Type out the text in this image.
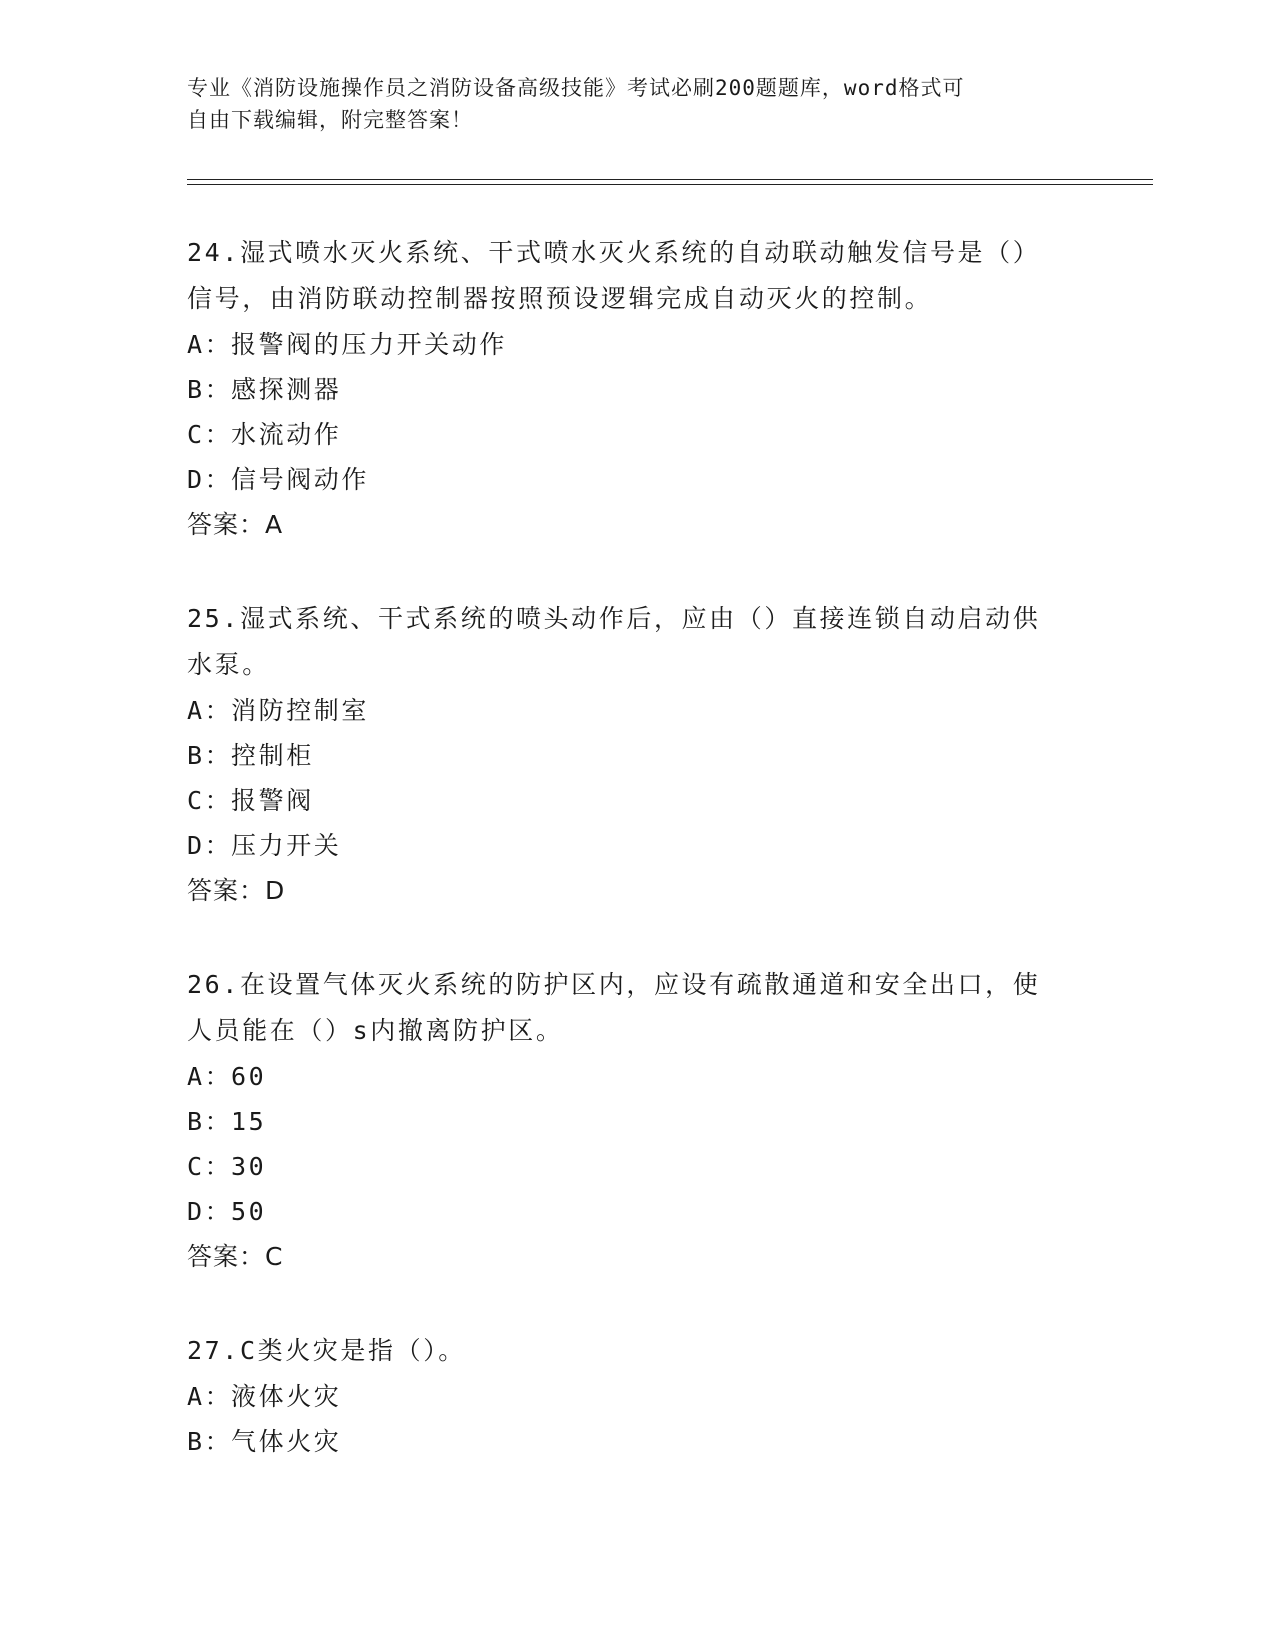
专业《消防设施操作员之消防设备高级技能》考试必刷200题题库，word格式可
自由下载编辑，附完整答案！

24.湿式喷水灭火系统、干式喷水灭火系统的自动联动触发信号是（）
信号，由消防联动控制器按照预设逻辑完成自动灭火的控制。

A：
报警阀的压力开关动作
B：
感探测器
C：
水流动作
D：
信号阀动作

答案：A

25.湿式系统、干式系统的喷头动作后，应由（）直接连锁自动启动供
水泵。

A：
消防控制室
B：
控制柜
C：
报警阀
D：
压力开关

答案：D

26.在设置气体灭火系统的防护区内，应设有疏散通道和安全出口，使
人员能在（）s内撤离防护区。

A：
60
B：
15
C：
30
D：
50

答案：C

27.C类火灾是指（）。

A：
液体火灾
B：
气体火灾
